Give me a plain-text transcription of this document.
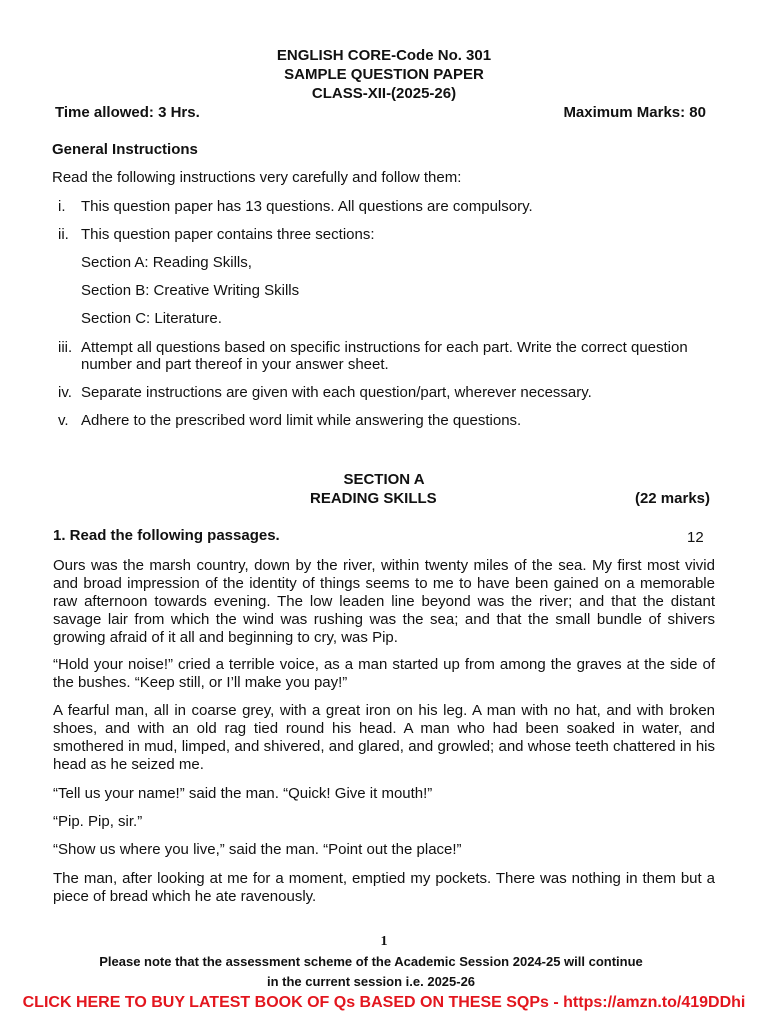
ENGLISH CORE-Code No. 301
SAMPLE QUESTION PAPER
CLASS-XII-(2025-26)
Time allowed: 3 Hrs.	Maximum Marks: 80
General Instructions
Read the following instructions very carefully and follow them:
i. This question paper has 13 questions. All questions are compulsory.
ii. This question paper contains three sections:
Section A: Reading Skills,
Section B: Creative Writing Skills
Section C: Literature.
iii. Attempt all questions based on specific instructions for each part. Write the correct question number and part thereof in your answer sheet.
iv. Separate instructions are given with each question/part, wherever necessary.
v. Adhere to the prescribed word limit while answering the questions.
SECTION A
READING SKILLS	(22 marks)
1. Read the following passages.	12
Ours was the marsh country, down by the river, within twenty miles of the sea. My first most vivid and broad impression of the identity of things seems to me to have been gained on a memorable raw afternoon towards evening. The low leaden line beyond was the river; and that the distant savage lair from which the wind was rushing was the sea; and that the small bundle of shivers growing afraid of it all and beginning to cry, was Pip.
“Hold your noise!” cried a terrible voice, as a man started up from among the graves at the side of the bushes. “Keep still, or I’ll make you pay!”
A fearful man, all in coarse grey, with a great iron on his leg. A man with no hat, and with broken shoes, and with an old rag tied round his head. A man who had been soaked in water, and smothered in mud, limped, and shivered, and glared, and growled; and whose teeth chattered in his head as he seized me.
“Tell us your name!” said the man. “Quick! Give it mouth!”
“Pip. Pip, sir.”
“Show us where you live,” said the man. “Point out the place!”
The man, after looking at me for a moment, emptied my pockets. There was nothing in them but a piece of bread which he ate ravenously.
1
Please note that the assessment scheme of the Academic Session 2024-25 will continue
in the current session i.e. 2025-26
CLICK HERE TO BUY LATEST BOOK OF Qs BASED ON THESE SQPs - https://amzn.to/419DDhi
